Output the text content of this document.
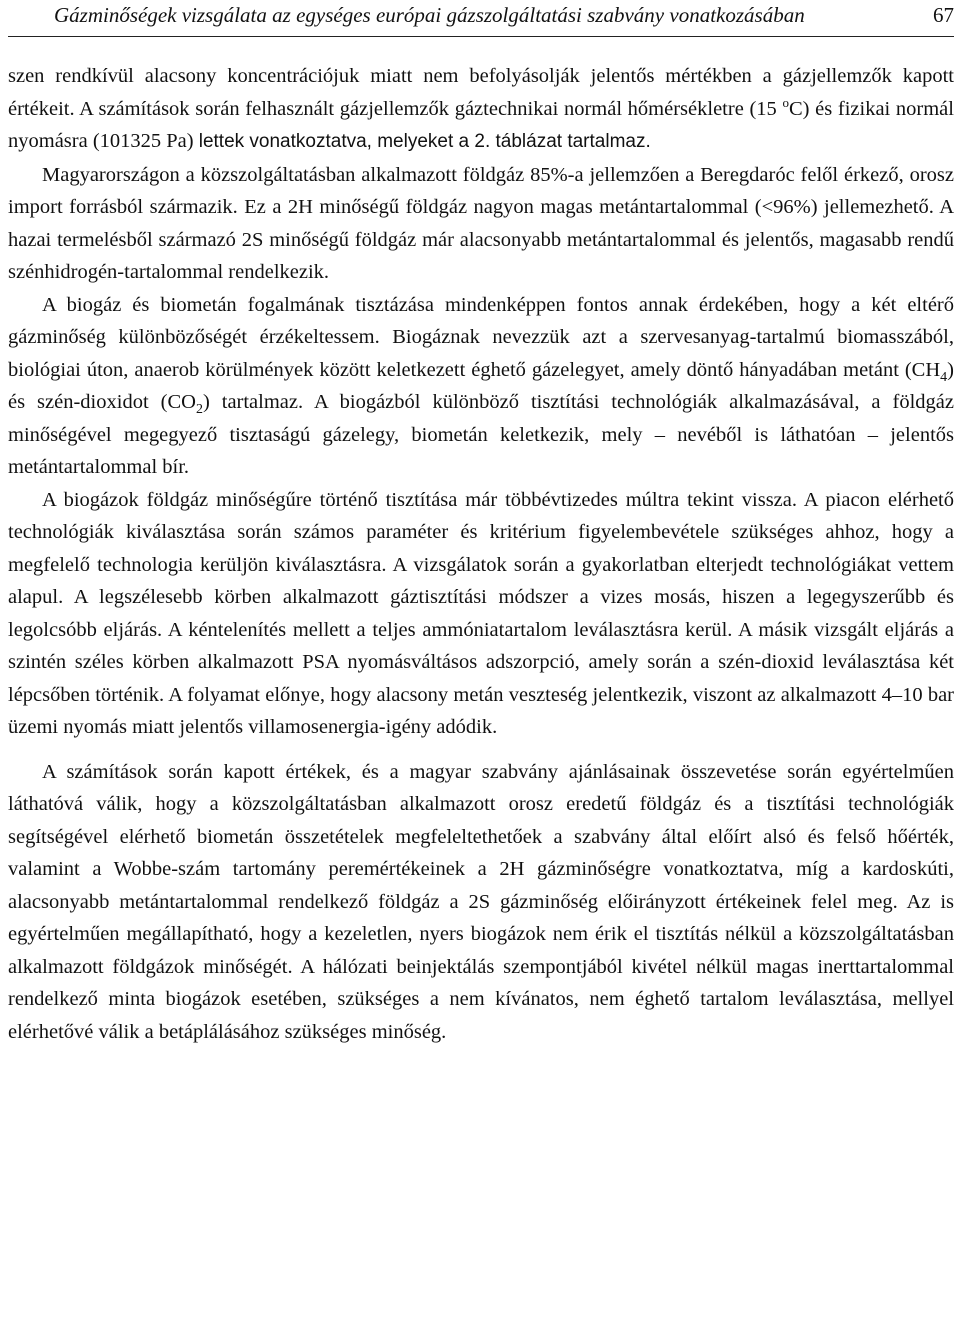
Gázminőségek vizsgálata az egységes európai gázszolgáltatási szabvány vonatkozásában	67

szen rendkívül alacsony koncentrációjuk miatt nem befolyásolják jelentős mértékben a gázjellemzők kapott értékeit. A számítások során felhasznált gázjellemzők gáztechnikai normál hőmérsékletre (15 $^o$C) és fizikai normál nyomásra (101325 Pa) lettek vonatkoztatva, melyeket a 2. táblázat tartalmaz.

Magyarországon a közszolgáltatásban alkalmazott földgáz 85%-a jellemzően a Beregdaróc felől érkező, orosz import forrásból származik. Ez a 2H minőségű földgáz nagyon magas metántartalommal (<96%) jellemezhető. A hazai termelésből származó 2S minőségű földgáz már alacsonyabb metántartalommal és jelentős, magasabb rendű szénhidrogén-tartalommal rendelkezik.

A biogáz és biometán fogalmának tisztázása mindenképpen fontos annak érdekében, hogy a két eltérő gázminőség különbözőségét érzékeltessem. Biogáznak nevezzük azt a szervesanyag-tartalmú biomasszából, biológiai úton, anaerob körülmények között keletkezett éghető gázelegyet, amely döntő hányadában metánt $(CH_4)$ és szén-dioxidot $(CO_2)$ tartalmaz. A biogázból különböző tisztítási technológiák alkalmazásával, a földgáz minőségével megegyező tisztaságú gázelegy, biometán keletkezik, mely – nevéből is láthatóan – jelentős metántartalommal bír.

A biogázok földgáz minőségűre történő tisztítása már többévtizedes múltra tekint vissza. A piacon elérhető technológiák kiválasztása során számos paraméter és kritérium figyelembevétele szükséges ahhoz, hogy a megfelelő technologia kerüljön kiválasztásra. A vizsgálatok során a gyakorlatban elterjedt technológiákat vettem alapul. A legszélesebb körben alkalmazott gáztisztítási módszer a vizes mosás, hiszen a legegyszerűbb és legolcsóbb eljárás. A kéntelenítés mellett a teljes ammóniatartalom leválasztásra kerül. A másik vizsgált eljárás a szintén széles körben alkalmazott PSA nyomásváltásos adszorpció, amely során a szén-dioxid leválasztása két lépcsőben történik. A folyamat előnye, hogy alacsony metán veszteség jelentkezik, viszont az alkalmazott 4–10 bar üzemi nyomás miatt jelentős villamosenergia-igény adódik.

A számítások során kapott értékek, és a magyar szabvány ajánlásainak összevetése során egyértelműen láthatóvá válik, hogy a közszolgáltatásban alkalmazott orosz eredetű földgáz és a tisztítási technológiák segítségével elérhető biometán összetételek megfeleltethetőek a szabvány által előírt alsó és felső hőérték, valamint a Wobbe-szám tartomány peremértékeinek a 2H gázminőségre vonatkoztatva, míg a kardoskúti, alacsonyabb metántartalommal rendelkező földgáz a 2S gázminőség előirányzott értékeinek felel meg. Az is egyértelműen megállapítható, hogy a kezeletlen, nyers biogázok nem érik el tisztítás nélkül a közszolgáltatásban alkalmazott földgázok minőségét. A hálózati beinjektálás szempontjából kivétel nélkül magas inerttartalommal rendelkező minta biogázok esetében, szükséges a nem kívánatos, nem éghető tartalom leválasztása, mellyel elérhetővé válik a betáplálásához szükséges minőség.
